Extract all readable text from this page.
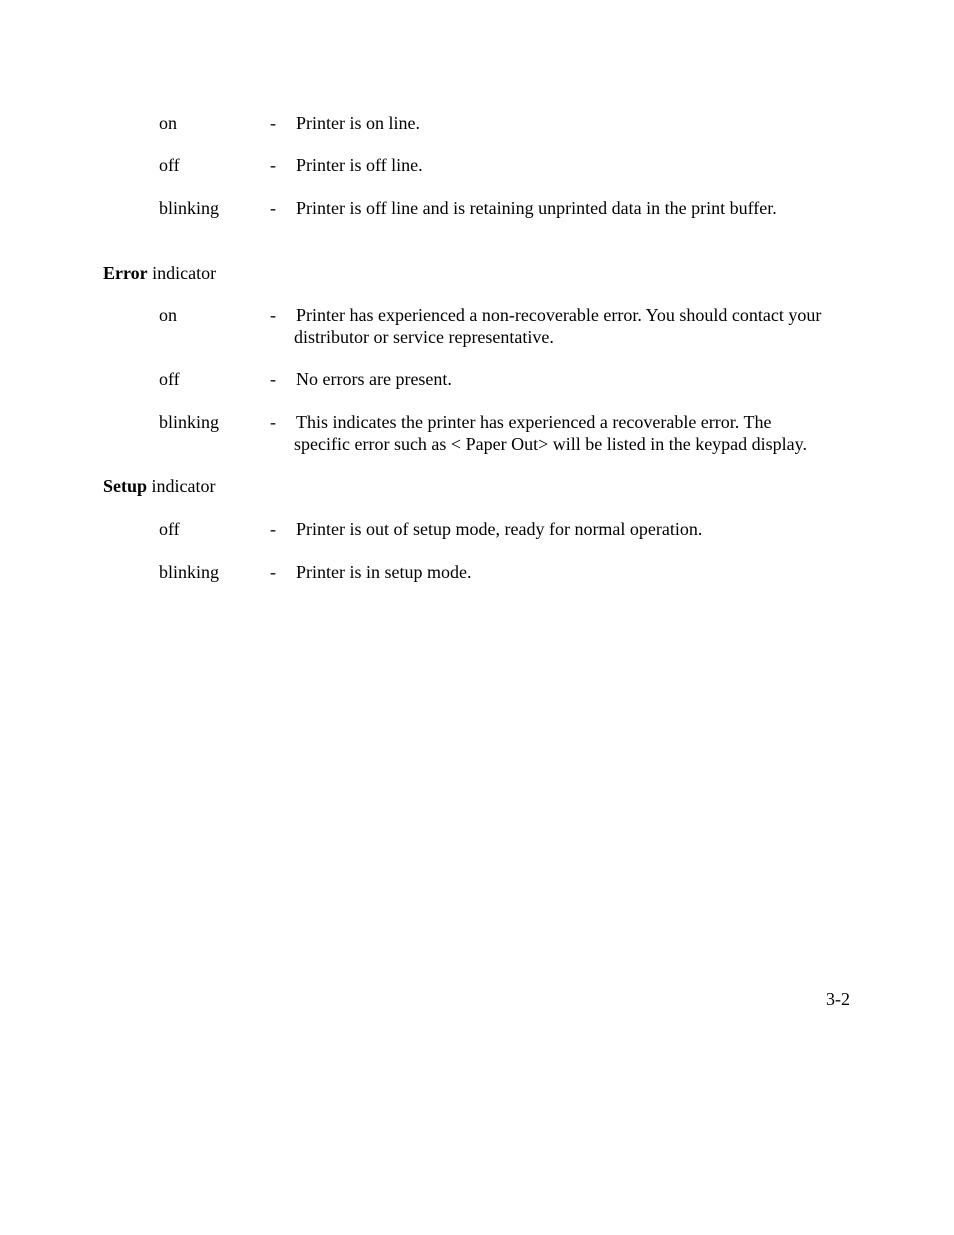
on	- Printer is on line.
off	- Printer is off line.
blinking	- Printer is off line and is retaining unprinted data in the print buffer.
Error indicator
on	- Printer has experienced a non-recoverable error. You should contact your
distributor or service representative.
off	- No errors are present.
blinking	- This indicates the printer has experienced a recoverable error. The
specific error such as < Paper Out> will be listed in the keypad display.
Setup indicator
off	- Printer is out of setup mode, ready for normal operation.
blinking	- Printer is in setup mode.
3-2
